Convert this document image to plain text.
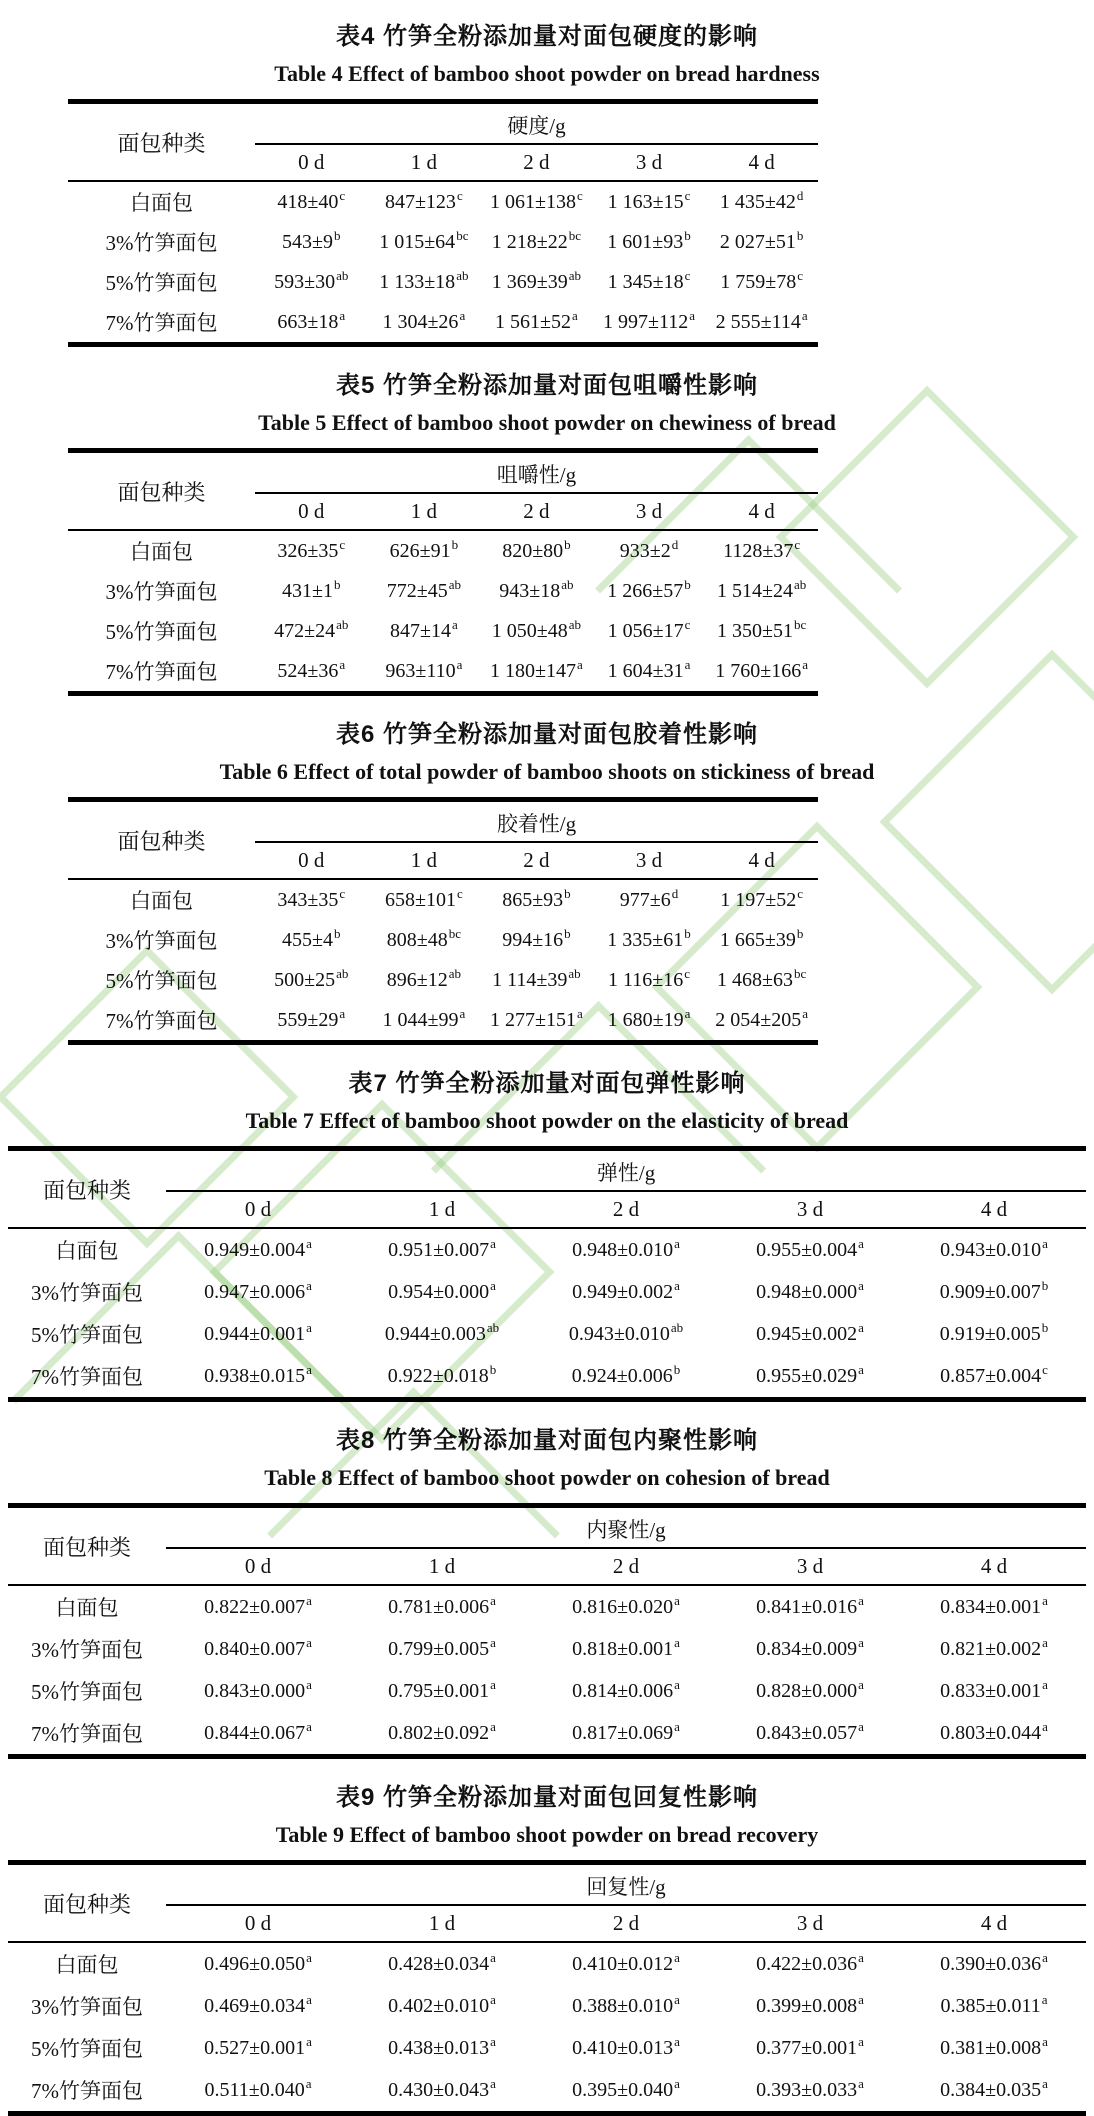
表4 竹笋全粉添加量对面包硬度的影响
Table 4 Effect of bamboo shoot powder on bread hardness
面包种类	硬度/g				
	0 d	1 d	2 d	3 d	4 d
白面包	$418\pm 40^c$	$847\pm 123^c$	1 $061\pm 138^c$	1 $163\pm 15^c$	1 $435\pm 42^d$
3%竹笋面包	$543\pm 9^b$	1 $015\pm 64^{bc}$	1 $218\pm 22^{bc}$	1 $601\pm 93^b$	2 $027\pm 51^b$
5%竹笋面包	$593\pm 30^{ab}$	1 $133\pm 18^{ab}$	1 $369\pm 39^{ab}$	1 $345\pm 18^c$	1 $759\pm 78^c$
7%竹笋面包	$663\pm 18^a$	1 $304\pm 26^a$	1 $561\pm 52^a$	1 $997\pm 112^a$	2 $555\pm 114^a$
表5 竹笋全粉添加量对面包咀嚼性影响
Table 5 Effect of bamboo shoot powder on chewiness of bread
面包种类	咀嚼性/g				
	0 d	1 d	2 d	3 d	4 d
白面包	$326\pm 35^c$	$626\pm 91^b$	$820\pm 80^b$	$933\pm 2^d$	$1128\pm 37^c$
3%竹笋面包	$431\pm 1^b$	$772\pm 45^{ab}$	$943\pm 18^{ab}$	1 $266\pm 57^b$	1 $514\pm 24^{ab}$
5%竹笋面包	$472\pm 24^{ab}$	$847\pm 14^a$	1 $050\pm 48^{ab}$	1 $056\pm 17^c$	1 $350\pm 51^{bc}$
7%竹笋面包	$524\pm 36^a$	$963\pm 110^a$	1 $180\pm 147^a$	1 $604\pm 31^a$	1 $760\pm 166^a$
表6 竹笋全粉添加量对面包胶着性影响
Table 6 Effect of total powder of bamboo shoots on stickiness of bread
面包种类	胶着性/g				
	0 d	1 d	2 d	3 d	4 d
白面包	$343\pm 35^c$	$658\pm 101^c$	$865\pm 93^b$	$977\pm 6^d$	1 $197\pm 52^c$
3%竹笋面包	$455\pm 4^b$	$808\pm 48^{bc}$	$994\pm 16^b$	1 $335\pm 61^b$	1 $665\pm 39^b$
5%竹笋面包	$500\pm 25^{ab}$	$896\pm 12^{ab}$	1 $114\pm 39^{ab}$	1 $116\pm 16^c$	1 $468\pm 63^{bc}$
7%竹笋面包	$559\pm 29^a$	1 $044\pm 99^a$	1 $277\pm 151^a$	1 $680\pm 19^a$	2 $054\pm 205^a$
表7 竹笋全粉添加量对面包弹性影响
Table 7 Effect of bamboo shoot powder on the elasticity of bread
面包种类	弹性/g				
	0 d	1 d	2 d	3 d	4 d
白面包	0.949±0.004$^a$	0.951±0.007$^a$	0.948±0.010$^a$	0.955±0.004$^a$	0.943±0.010$^a$
3%竹笋面包	0.947±0.006$^a$	0.954±0.000$^a$	0.949±0.002$^a$	0.948±0.000$^a$	0.909±0.007$^b$
5%竹笋面包	0.944±0.001$^a$	0.944±0.003$^{ab}$	0.943±0.010$^{ab}$	0.945±0.002$^a$	0.919±0.005$^b$
7%竹笋面包	0.938±0.015$^a$	0.922±0.018$^b$	0.924±0.006$^b$	0.955±0.029$^a$	0.857±0.004$^c$
表8 竹笋全粉添加量对面包内聚性影响
Table 8 Effect of bamboo shoot powder on cohesion of bread
面包种类	内聚性/g				
	0 d	1 d	2 d	3 d	4 d
白面包	0.822±0.007$^a$	0.781±0.006$^a$	0.816±0.020$^a$	0.841±0.016$^a$	0.834±0.001$^a$
3%竹笋面包	0.840±0.007$^a$	0.799±0.005$^a$	0.818±0.001$^a$	0.834±0.009$^a$	0.821±0.002$^a$
5%竹笋面包	0.843±0.000$^a$	0.795±0.001$^a$	0.814±0.006$^a$	0.828±0.000$^a$	0.833±0.001$^a$
7%竹笋面包	0.844±0.067$^a$	0.802±0.092$^a$	0.817±0.069$^a$	0.843±0.057$^a$	0.803±0.044$^a$
表9 竹笋全粉添加量对面包回复性影响
Table 9 Effect of bamboo shoot powder on bread recovery
面包种类	回复性/g				
	0 d	1 d	2 d	3 d	4 d
白面包	0.496±0.050$^a$	0.428±0.034$^a$	0.410±0.012$^a$	0.422±0.036$^a$	0.390±0.036$^a$
3%竹笋面包	0.469±0.034$^a$	0.402±0.010$^a$	0.388±0.010$^a$	0.399±0.008$^a$	0.385±0.011$^a$
5%竹笋面包	0.527±0.001$^a$	0.438±0.013$^a$	0.410±0.013$^a$	0.377±0.001$^a$	0.381±0.008$^a$
7%竹笋面包	0.511±0.040$^a$	0.430±0.043$^a$	0.395±0.040$^a$	0.393±0.033$^a$	0.384±0.035$^a$
